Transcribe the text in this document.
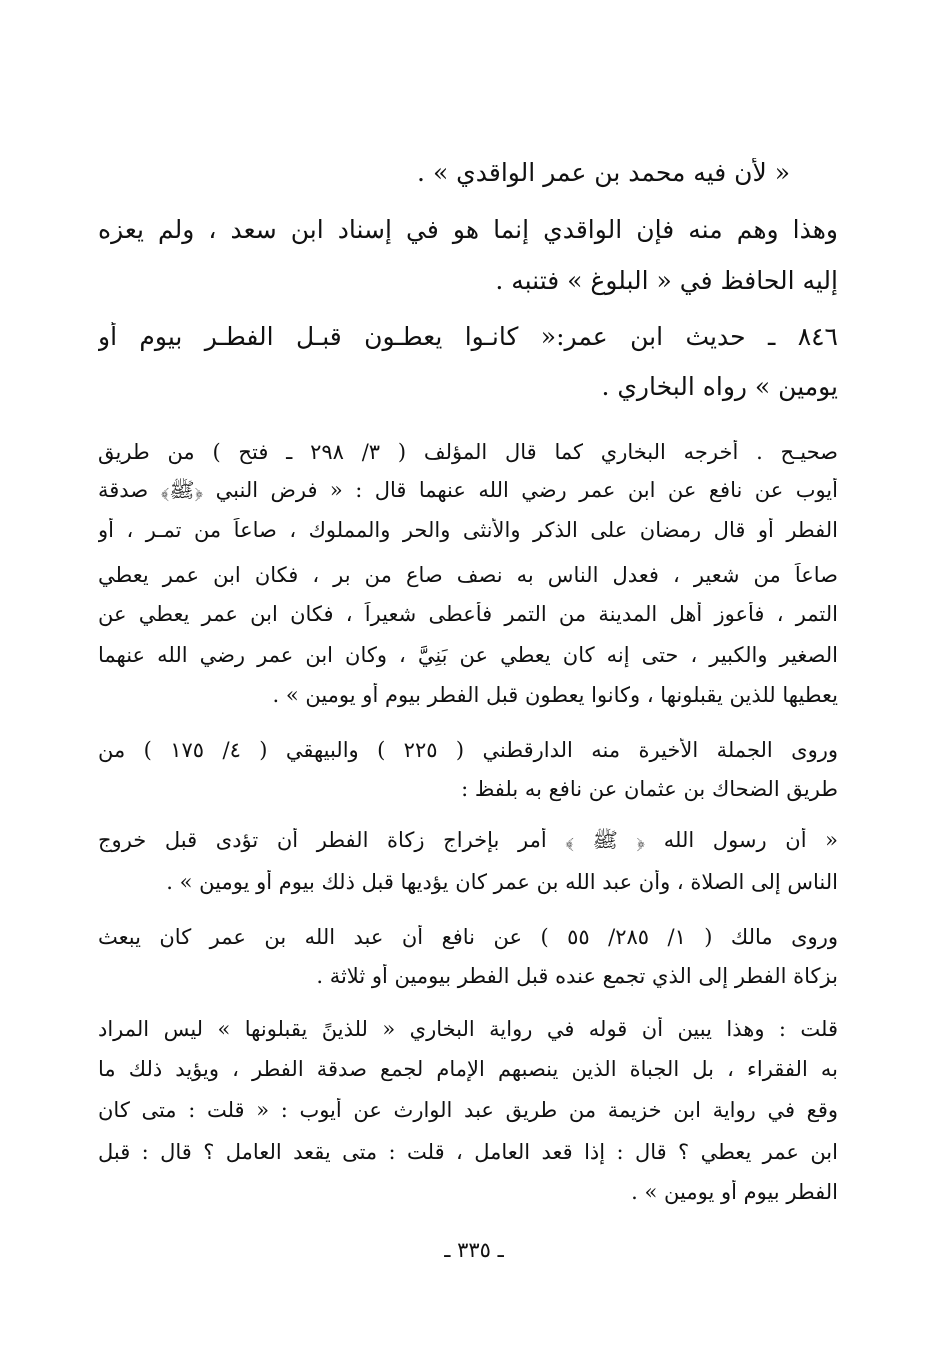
« لأن فيه محمد بن عمر الواقدي » .
وهذا وهم منه فإن الواقدي إنما هو في إسناد ابن سعد ، ولم يعزه
إليه الحافظ في « البلوغ » فتنبه .
٨٤٦ ـ حديث ابن عمر:« كانـوا يعطـون قبـل الفطـر بيوم أو
يومين » رواه البخاري .
صحيـح . أخرجه البخاري كما قال المؤلف ( ٣/ ٢٩٨ ـ فتح ) من طريق
أيوب عن نافع عن ابن عمر رضي الله عنهما قال : « فرض النبي ﴿ﷺ﴾ صدقة
الفطر أو قال رمضان على الذكر والأنثى والحر والمملوك ، صاعاً من تمـر ، أو
صاعاً من شعير ، فعدل الناس به نصف صاع من بر ، فكان ابن عمر يعطي
التمر ، فأعوز أهل المدينة من التمر فأعطى شعيراً ، فكان ابن عمر يعطي عن
الصغير والكبير ، حتى إنه كان يعطي عن بَنِيَّ ، وكان ابن عمر رضي الله عنهما
يعطيها للذين يقبلونها ، وكانوا يعطون قبل الفطر بيوم أو يومين » .
وروى الجملة الأخيرة منه الدارقطني ( ٢٢٥ ) والبيهقي ( ٤/ ١٧٥ ) من
طريق الضحاك بن عثمان عن نافع به بلفظ :
« أن رسول الله ﴿ ﷺ ﴾ أمر بإخراج زكاة الفطر أن تؤدى قبل خروج
الناس إلى الصلاة ، وأن عبد الله بن عمر كان يؤديها قبل ذلك بيوم أو يومين » .
وروى مالك ( ١/ ٢٨٥/ ٥٥ ) عن نافع أن عبد الله بن عمر كان يبعث
بزكاة الفطر إلى الذي تجمع عنده قبل الفطر بيومين أو ثلاثة .
قلت : وهذا يبين أن قوله في رواية البخاري « للذينً يقبلونها » ليس المراد
به الفقراء ، بل الجباة الذين ينصبهم الإمام لجمع صدقة الفطر ، ويؤيد ذلك ما
وقع في رواية ابن خزيمة من طريق عبد الوارث عن أيوب : « قلت : متى كان
ابن عمر يعطي ؟ قال : إذا قعد العامل ، قلت : متى يقعد العامل ؟ قال : قبل
الفطر بيوم أو يومين » .
ـ ٣٣٥ ـ
